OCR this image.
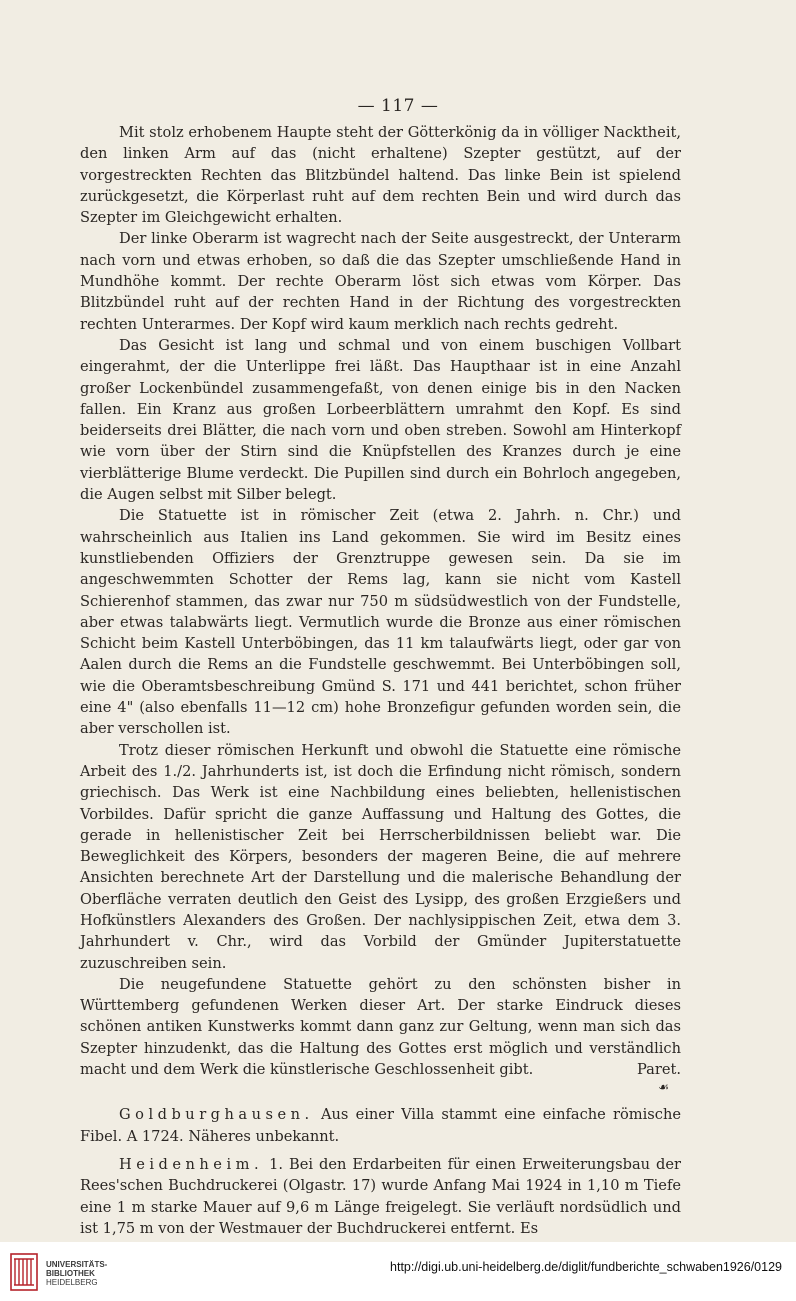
— 117 —

Mit stolz erhobenem Haupte steht der Götterkönig da in völliger Nacktheit, den linken Arm auf das (nicht erhaltene) Szepter gestützt, auf der vorgestreckten Rechten das Blitzbündel haltend. Das linke Bein ist spielend zurückgesetzt, die Körperlast ruht auf dem rechten Bein und wird durch das Szepter im Gleichgewicht erhalten.

Der linke Oberarm ist wagrecht nach der Seite ausgestreckt, der Unterarm nach vorn und etwas erhoben, so daß die das Szepter umschließende Hand in Mundhöhe kommt. Der rechte Oberarm löst sich etwas vom Körper. Das Blitzbündel ruht auf der rechten Hand in der Richtung des vorgestreckten rechten Unterarmes. Der Kopf wird kaum merklich nach rechts gedreht.

Das Gesicht ist lang und schmal und von einem buschigen Vollbart eingerahmt, der die Unterlippe frei läßt. Das Haupthaar ist in eine Anzahl großer Lockenbündel zusammengefaßt, von denen einige bis in den Nacken fallen. Ein Kranz aus großen Lorbeerblättern umrahmt den Kopf. Es sind beiderseits drei Blätter, die nach vorn und oben streben. Sowohl am Hinterkopf wie vorn über der Stirn sind die Knüpfstellen des Kranzes durch je eine vierblätterige Blume verdeckt. Die Pupillen sind durch ein Bohrloch angegeben, die Augen selbst mit Silber belegt.

Die Statuette ist in römischer Zeit (etwa 2. Jahrh. n. Chr.) und wahrscheinlich aus Italien ins Land gekommen. Sie wird im Besitz eines kunstliebenden Offiziers der Grenztruppe gewesen sein. Da sie im angeschwemmten Schotter der Rems lag, kann sie nicht vom Kastell Schierenhof stammen, das zwar nur 750 m südsüdwestlich von der Fundstelle, aber etwas talabwärts liegt. Vermutlich wurde die Bronze aus einer römischen Schicht beim Kastell Unterböbingen, das 11 km talaufwärts liegt, oder gar von Aalen durch die Rems an die Fundstelle geschwemmt. Bei Unterböbingen soll, wie die Oberamtsbeschreibung Gmünd S. 171 und 441 berichtet, schon früher eine 4" (also ebenfalls 11—12 cm) hohe Bronzefigur gefunden worden sein, die aber verschollen ist.

Trotz dieser römischen Herkunft und obwohl die Statuette eine römische Arbeit des 1./2. Jahrhunderts ist, ist doch die Erfindung nicht römisch, sondern griechisch. Das Werk ist eine Nachbildung eines beliebten, hellenistischen Vorbildes. Dafür spricht die ganze Auffassung und Haltung des Gottes, die gerade in hellenistischer Zeit bei Herrscherbildnissen beliebt war. Die Beweglichkeit des Körpers, besonders der mageren Beine, die auf mehrere Ansichten berechnete Art der Darstellung und die malerische Behandlung der Oberfläche verraten deutlich den Geist des Lysipp, des großen Erzgießers und Hofkünstlers Alexanders des Großen. Der nachlysippischen Zeit, etwa dem 3. Jahrhundert v. Chr., wird das Vorbild der Gmünder Jupiterstatuette zuzuschreiben sein.

Die neugefundene Statuette gehört zu den schönsten bisher in Württemberg gefundenen Werken dieser Art. Der starke Eindruck dieses schönen antiken Kunstwerks kommt dann ganz zur Geltung, wenn man sich das Szepter hinzudenkt, das die Haltung des Gottes erst möglich und verständlich macht und dem Werk die künstlerische Geschlossenheit gibt.	Paret.

☙

Goldburghausen. Aus einer Villa stammt eine einfache römische Fibel. A 1724. Näheres unbekannt.

Heidenheim. 1. Bei den Erdarbeiten für einen Erweiterungsbau der Rees'schen Buchdruckerei (Olgastr. 17) wurde Anfang Mai 1924 in 1,10 m Tiefe eine 1 m starke Mauer auf 9,6 m Länge freigelegt. Sie verläuft nordsüdlich und ist 1,75 m von der Westmauer der Buchdruckerei entfernt. Es

UNIVERSITÄTS-
BIBLIOTHEK
HEIDELBERG
http://digi.ub.uni-heidelberg.de/diglit/fundberichte_schwaben1926/0129
